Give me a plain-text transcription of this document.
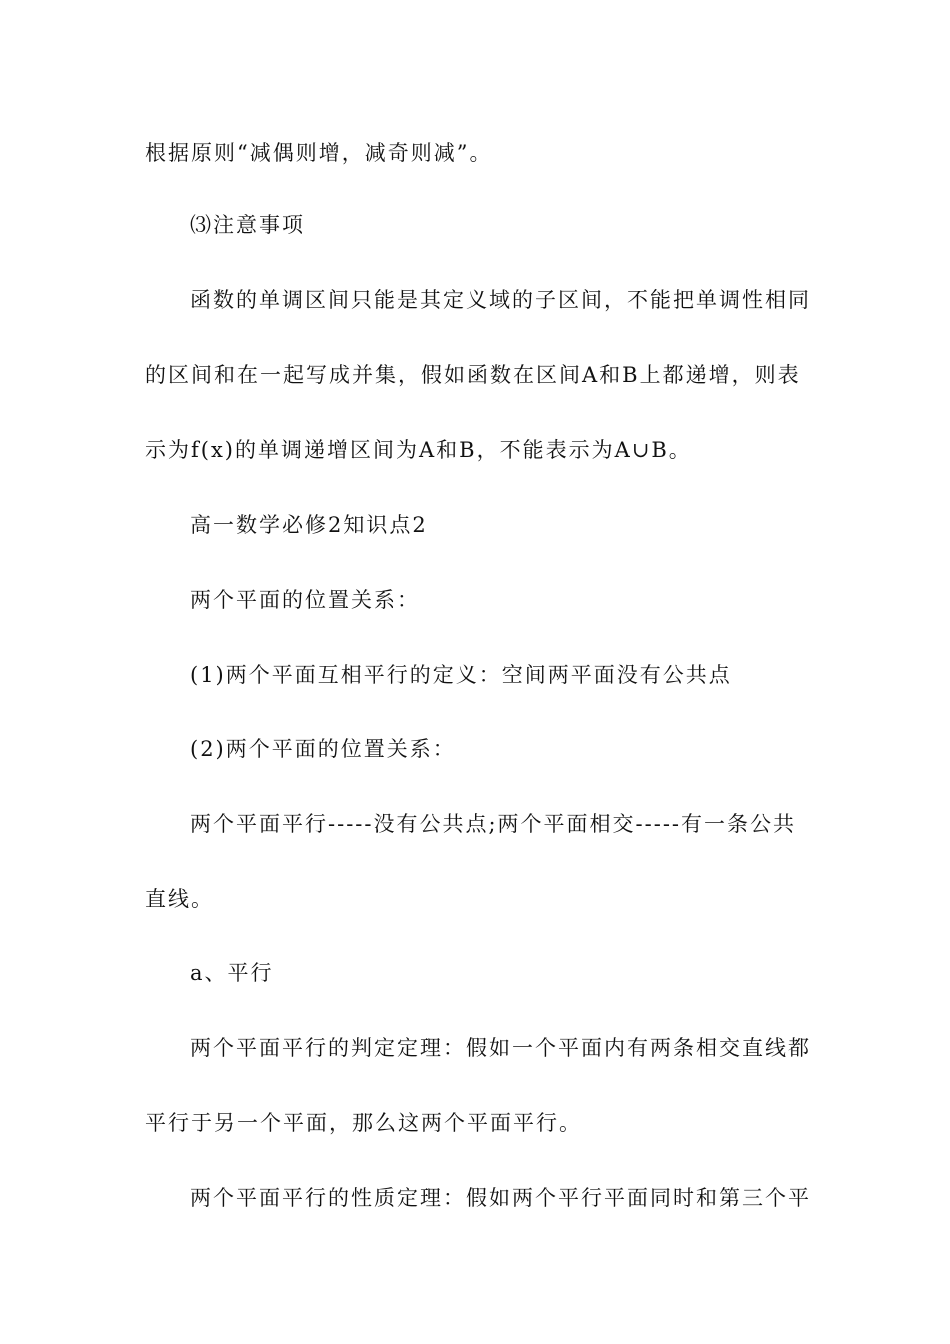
根据原则“减偶则增，减奇则减”。

⑶注意事项

函数的单调区间只能是其定义域的子区间，不能把单调性相同

的区间和在一起写成并集，假如函数在区间A和B上都递增，则表

示为f(x)的单调递增区间为A和B，不能表示为A∪B。

高一数学必修2知识点2

两个平面的位置关系：

(1)两个平面互相平行的定义：空间两平面没有公共点

(2)两个平面的位置关系：

两个平面平行-----没有公共点;两个平面相交-----有一条公共

直线。

a、平行

两个平面平行的判定定理：假如一个平面内有两条相交直线都

平行于另一个平面，那么这两个平面平行。

两个平面平行的性质定理：假如两个平行平面同时和第三个平
